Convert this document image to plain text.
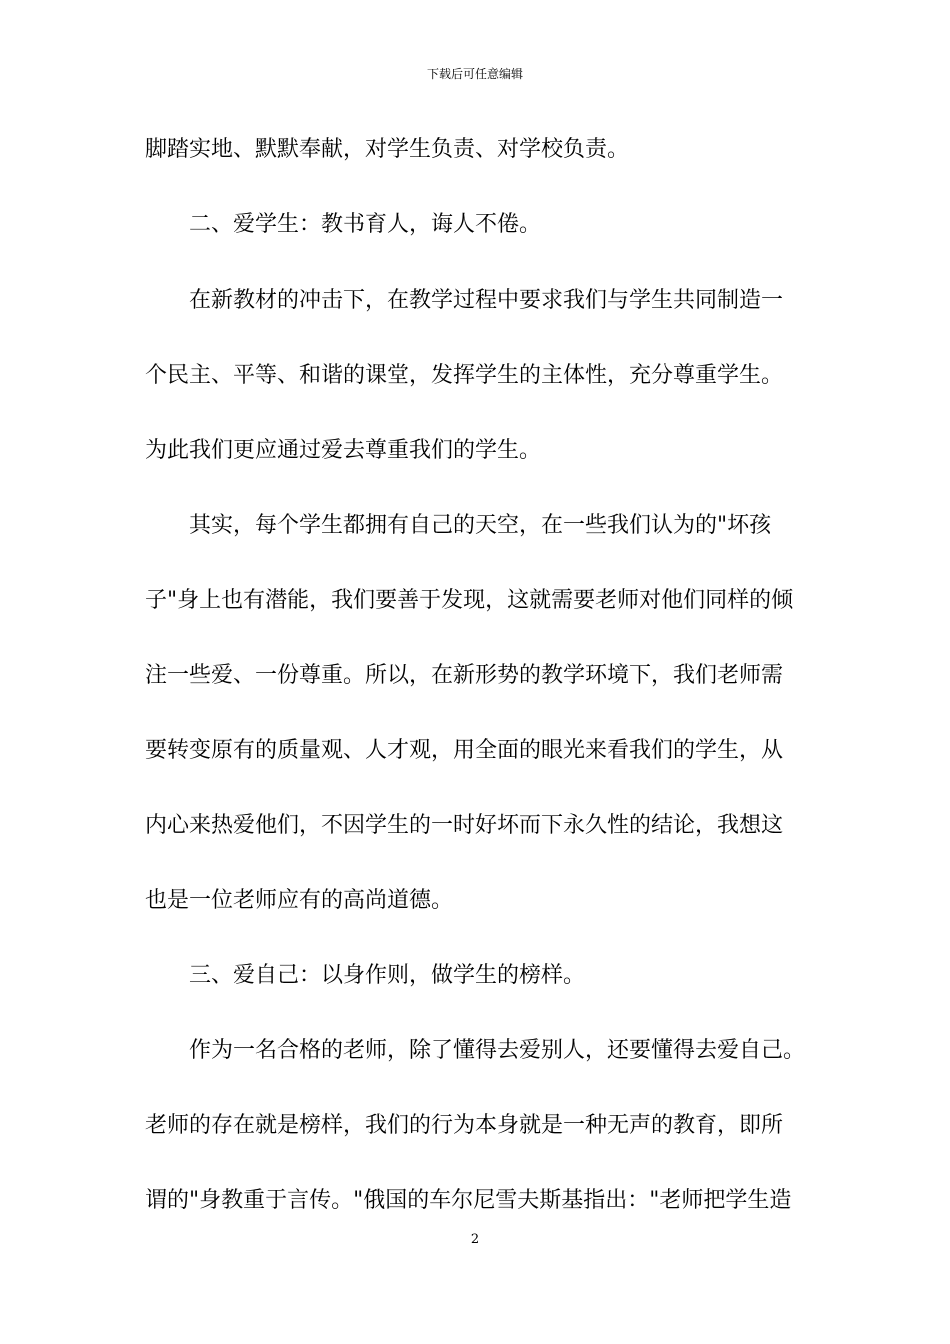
下载后可任意编辑
脚踏实地、默默奉献，对学生负责、对学校负责。
　　二、爱学生：教书育人，诲人不倦。
　　在新教材的冲击下，在教学过程中要求我们与学生共同制造一
个民主、平等、和谐的课堂，发挥学生的主体性，充分尊重学生。
为此我们更应通过爱去尊重我们的学生。
　　其实，每个学生都拥有自己的天空，在一些我们认为的"坏孩
子"身上也有潜能，我们要善于发现，这就需要老师对他们同样的倾
注一些爱、一份尊重。所以，在新形势的教学环境下，我们老师需
要转变原有的质量观、人才观，用全面的眼光来看我们的学生，从
内心来热爱他们，不因学生的一时好坏而下永久性的结论，我想这
也是一位老师应有的高尚道德。
　　三、爱自己：以身作则，做学生的榜样。
　　作为一名合格的老师，除了懂得去爱别人，还要懂得去爱自己。
老师的存在就是榜样，我们的行为本身就是一种无声的教育，即所
谓的"身教重于言传。"俄国的车尔尼雪夫斯基指出："老师把学生造
2
